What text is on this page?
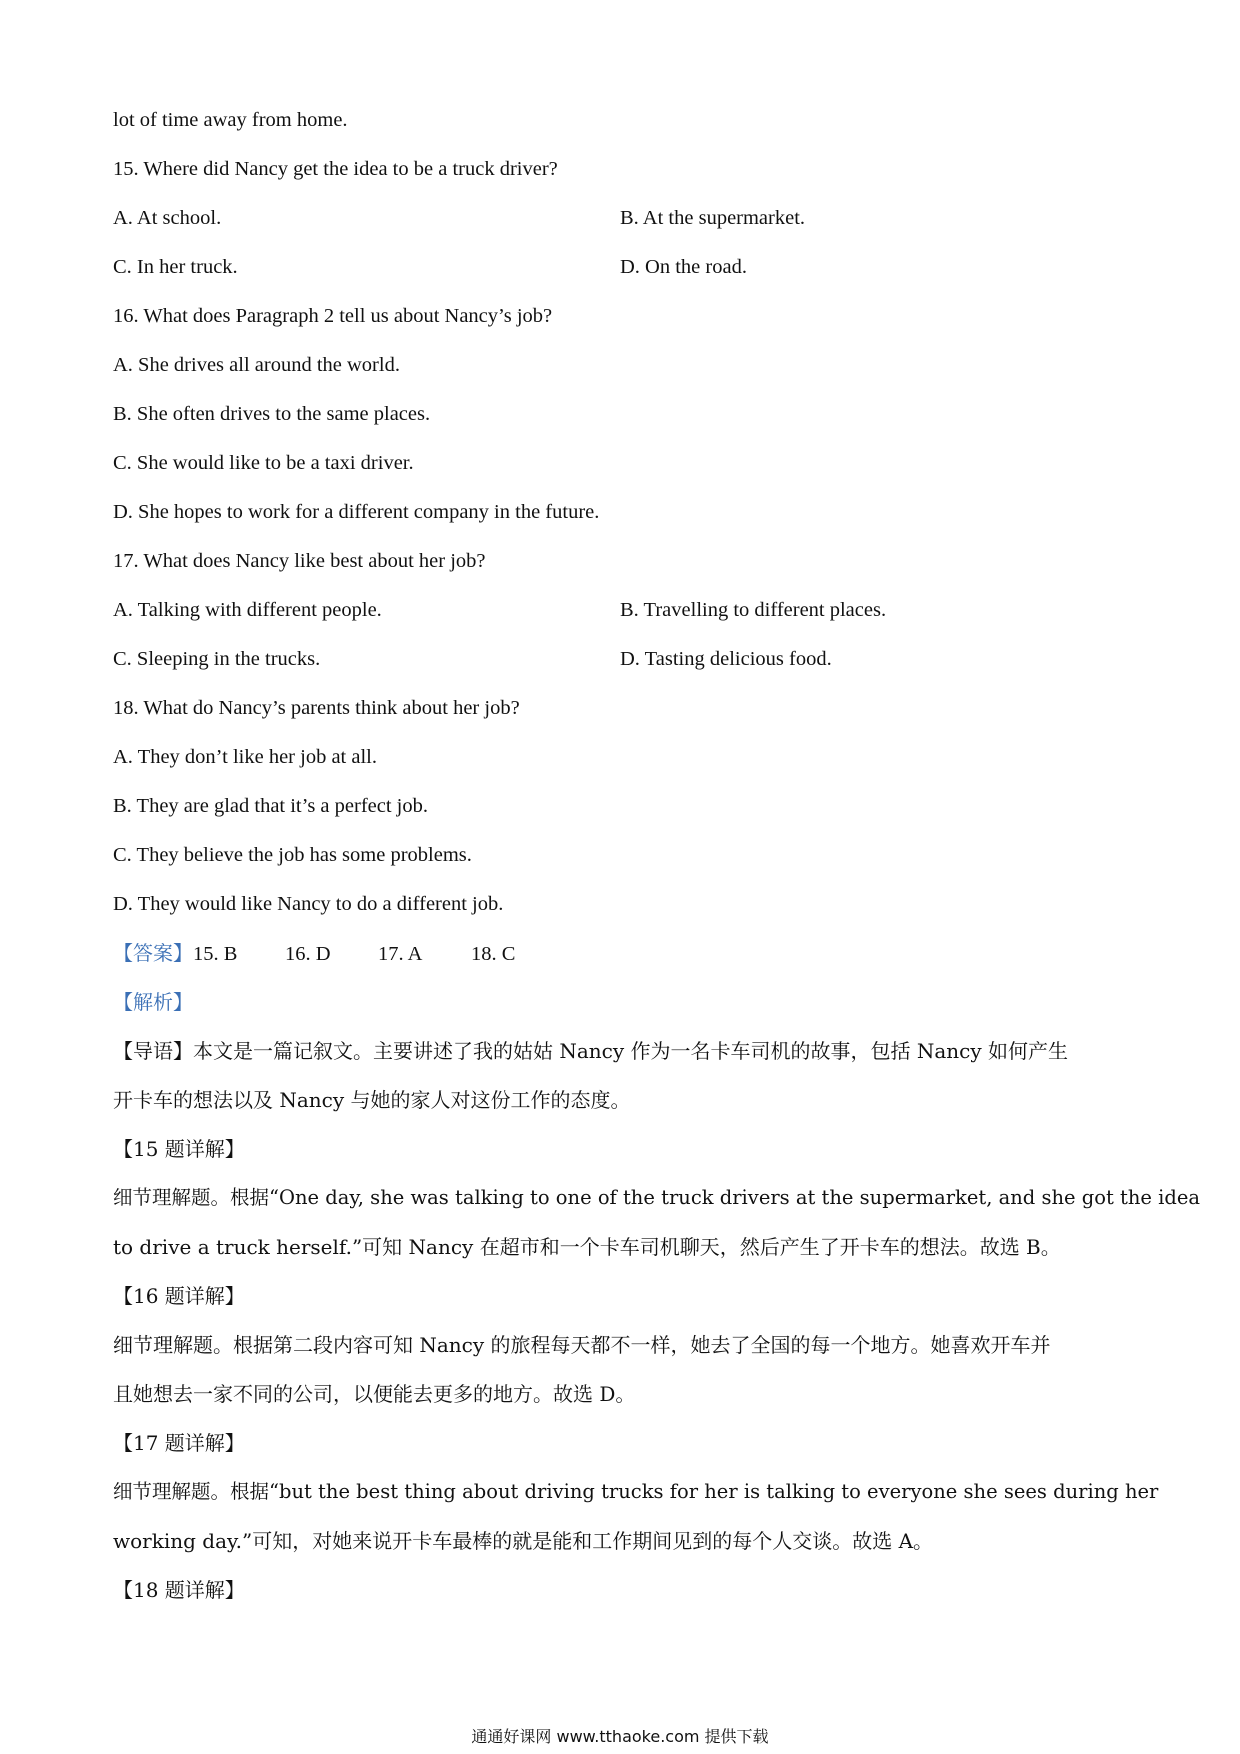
lot of time away from home.
15. Where did Nancy get the idea to be a truck driver?
A. At school.	B. At the supermarket.
C. In her truck.	D. On the road.
16. What does Paragraph 2 tell us about Nancy’s job?
A. She drives all around the world.
B. She often drives to the same places.
C. She would like to be a taxi driver.
D. She hopes to work for a different company in the future.
17. What does Nancy like best about her job?
A. Talking with different people.	B. Travelling to different places.
C. Sleeping in the trucks.	D. Tasting delicious food.
18. What do Nancy’s parents think about her job?
A. They don’t like her job at all.
B. They are glad that it’s a perfect job.
C. They believe the job has some problems.
D. They would like Nancy to do a different job.
【答案】15. B 16. D 17. A 18. C
【解析】
【导语】本文是一篇记叙文。主要讲述了我的姑姑 Nancy 作为一名卡车司机的故事，包括 Nancy 如何产生
开卡车的想法以及 Nancy 与她的家人对这份工作的态度。
【15 题详解】
细节理解题。根据“One day, she was talking to one of the truck drivers at the supermarket, and she got the idea
to drive a truck herself.”可知 Nancy 在超市和一个卡车司机聊天，然后产生了开卡车的想法。故选 B。
【16 题详解】
细节理解题。根据第二段内容可知 Nancy 的旅程每天都不一样，她去了全国的每一个地方。她喜欢开车并
且她想去一家不同的公司，以便能去更多的地方。故选 D。
【17 题详解】
细节理解题。根据“but the best thing about driving trucks for her is talking to everyone she sees during her
working day.”可知，对她来说开卡车最棒的就是能和工作期间见到的每个人交谈。故选 A。
【18 题详解】
通通好课网 www.tthaoke.com 提供下载
